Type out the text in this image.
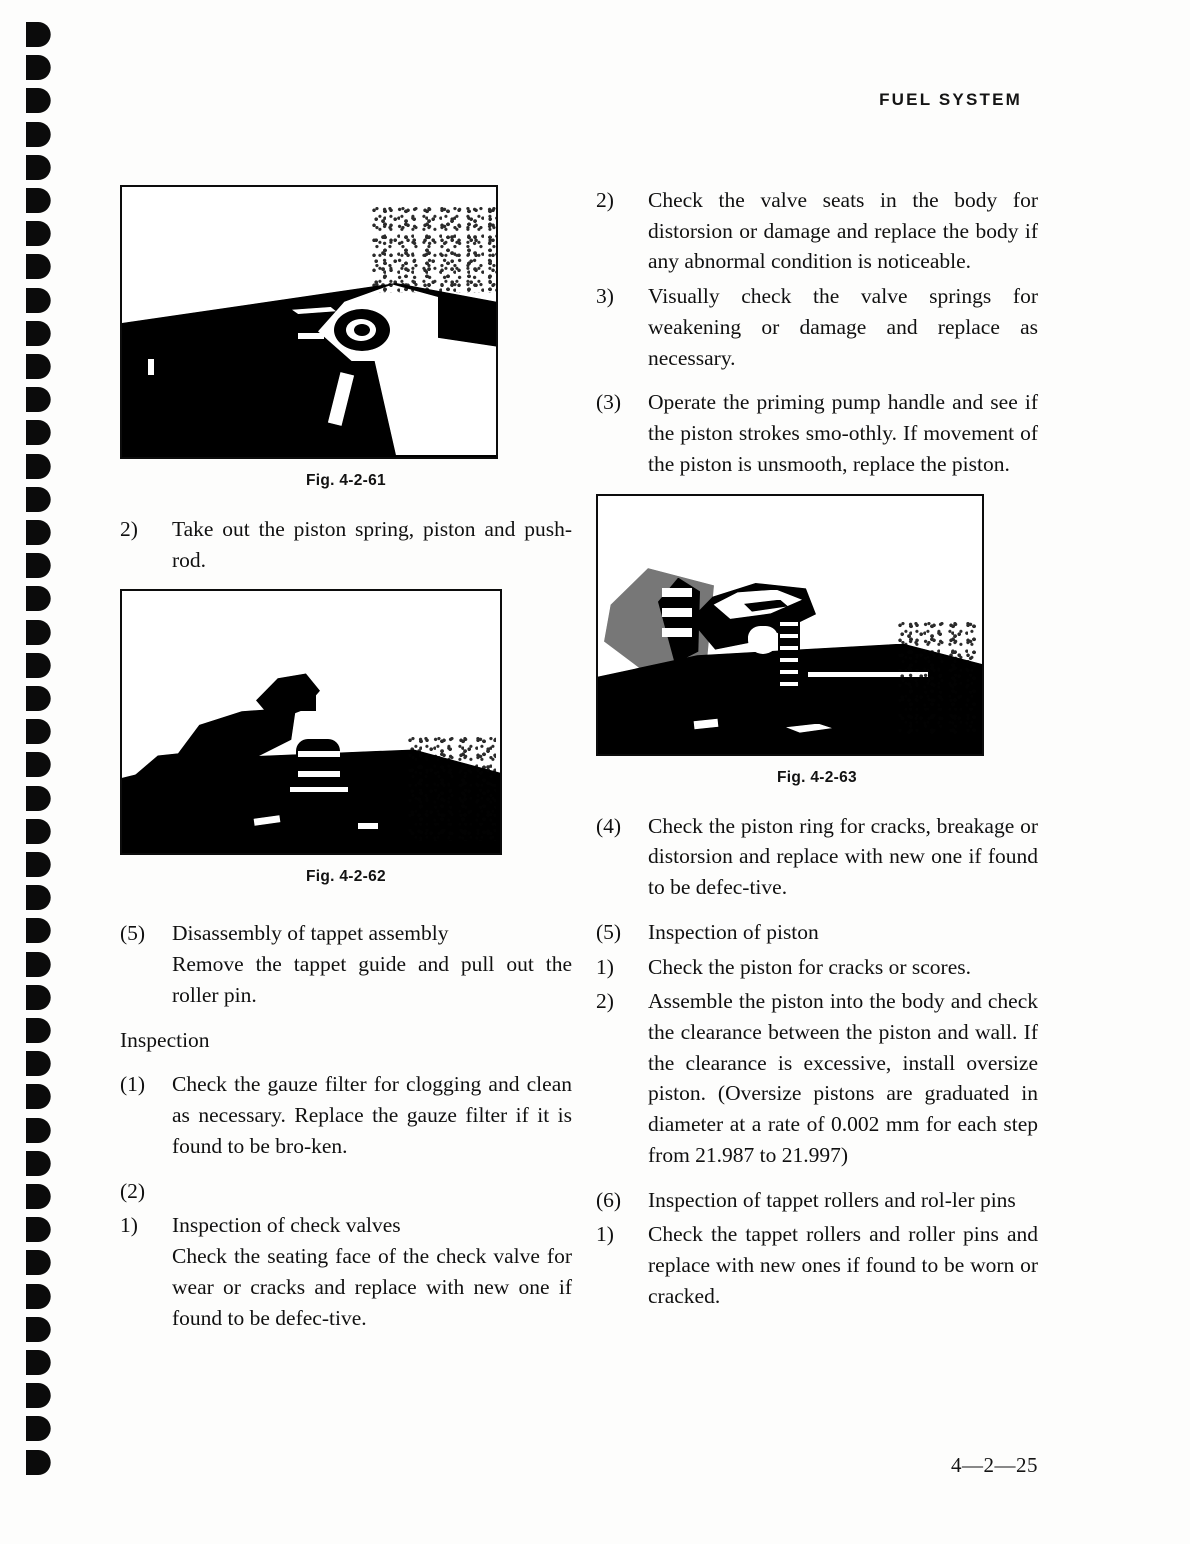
FUEL SYSTEM
Fig. 4-2-61
2)	Take out the piston spring, piston and push-rod.
Fig. 4-2-62
(5)	Disassembly of tappet assembly

Remove the tappet guide and pull out the roller pin.
Inspection
(1)	Check the gauze filter for clogging and clean as necessary. Replace the gauze filter if it is found to be bro-ken.
(2)
1)	Inspection of check valves

Check the seating face of the check valve for wear or cracks and replace with new one if found to be defec-tive.
2)	Check the valve seats in the body for distorsion or damage and replace the body if any abnormal condition is noticeable.
3)	Visually check the valve springs for weakening or damage and replace as necessary.
(3)	Operate the priming pump handle and see if the piston strokes smo-othly. If movement of the piston is unsmooth, replace the piston.
Fig. 4-2-63
(4)	Check the piston ring for cracks, breakage or distorsion and replace with new one if found to be defec-tive.
(5)	Inspection of piston
1)	Check the piston for cracks or scores.
2)	Assemble the piston into the body and check the clearance between the piston and wall. If the clearance is excessive, install oversize piston. (Oversize pistons are graduated in diameter at a rate of 0.002 mm for each step from 21.987 to 21.997)
(6)	Inspection of tappet rollers and rol-ler pins
1)	Check the tappet rollers and roller pins and replace with new ones if found to be worn or cracked.
4—2—25
